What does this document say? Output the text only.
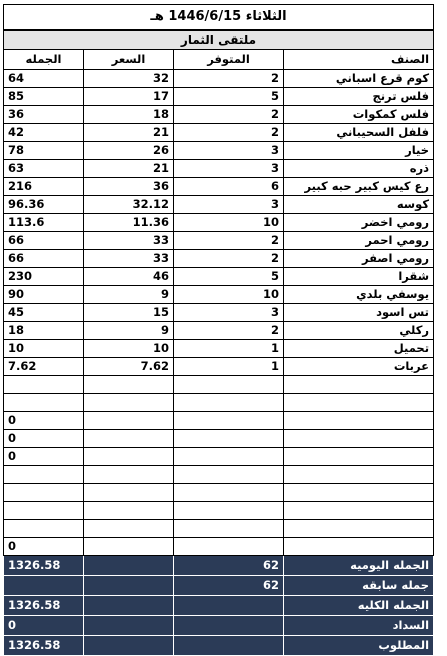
الثلاثاء 1446/6/15 هـ			
ملتقى الثمار			
الصنف	المتوفر	السعر	الجمله
كوم قرع اسباني	2	32	64
فلس ترنج	5	17	85
فلس كمكوات	2	18	36
فلفل السحيباني	2	21	42
خيار	3	26	78
ذره	3	21	63
رع كيس كبير حبه كبير	6	36	216
كوسه	3	32.12	96.36
رومي اخضر	10	11.36	113.6
رومي احمر	2	33	66
رومي اصفر	2	33	66
شقرا	5	46	230
يوسفي بلدي	10	9	90
تس اسود	3	15	45
ركلي	2	9	18
تحميل	1	10	10
عربات	1	7.62	7.62

			0
			0
			0

			0
الجمله اليوميه	62		1326.58
جمله سابقه	62		
الجمله الكليه			1326.58
السداد			0
المطلوب			1326.58
